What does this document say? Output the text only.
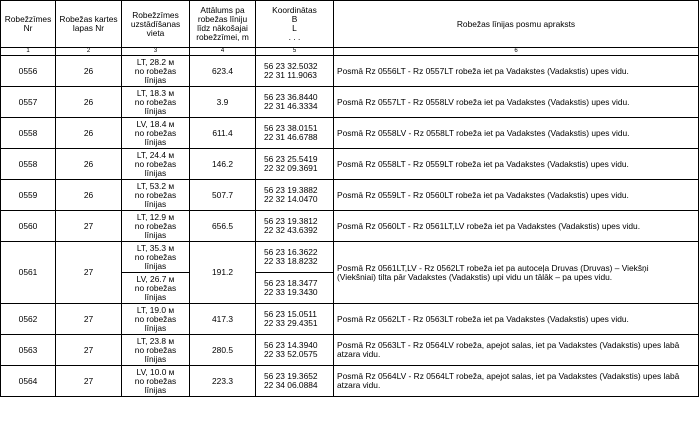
Robežzīmes Nr	Robežas kartes lapas Nr	Robežzīmes uzstādīšanas vieta	Attālums pa robežas līniju līdz nākošajai robežzīmei, m	Koordinātas
B
L
. . .	Robežas līnijas posmu apraksts
1	2	3	4	5	6
0556	26	LT, 28.2 м
no robežas
līnijas	623.4	56 23 32.5032
22 31 11.9063	Posmā Rz 0556LT - Rz 0557LT robeža iet pa Vadakstes (Vadakstis) upes vidu.
0557	26	LT, 18.3 м
no robežas
līnijas	3.9	56 23 36.8440
22 31 46.3334	Posmā Rz 0557LT - Rz 0558LV robeža iet pa Vadakstes (Vadakstis) upes vidu.
0558	26	LV, 18.4 м
no robežas
līnijas	611.4	56 23 38.0151
22 31 46.6788	Posmā Rz 0558LV - Rz 0558LT robeža iet pa Vadakstes (Vadakstis) upes vidu.
0558	26	LT, 24.4 м
no robežas
līnijas	146.2	56 23 25.5419
22 32 09.3691	Posmā Rz 0558LT - Rz 0559LT robeža iet pa Vadakstes (Vadakstis) upes vidu.
0559	26	LT, 53.2 м
no robežas
līnijas	507.7	56 23 19.3882
22 32 14.0470	Posmā Rz 0559LT - Rz 0560LT robeža iet pa Vadakstes (Vadakstis) upes vidu.
0560	27	LT, 12.9 м
no robežas
līnijas	656.5	56 23 19.3812
22 32 43.6392	Posmā Rz 0560LT - Rz 0561LT,LV robeža iet pa Vadakstes (Vadakstis) upes vidu.
0561	27	LT, 35.3 м
no robežas
līnijas	191.2	56 23 16.3622
22 33 18.8232	Posmā Rz 0561LT,LV - Rz 0562LT robeža iet pa autoceļa Druvas (Druvas) – Viekšņi
(Viekšniai) tilta pār Vadakstes (Vadakstis) upi vidu un tālāk – pa upes vidu.

		LV, 26.7 м
no robežas
līnijas		56 23 18.3477
22 33 19.3430	

0562	27	LT, 19.0 м
no robežas
līnijas	417.3	56 23 15.0511
22 33 29.4351	Posmā Rz 0562LT - Rz 0563LT robeža iet pa Vadakstes (Vadakstis) upes vidu.

0563	27	LT, 23.8 м
no robežas
līnijas	280.5	56 23 14.3940
22 33 52.0575	Posmā Rz 0563LT - Rz 0564LV robeža, apejot salas, iet pa Vadakstes (Vadakstis) upes labā
atzara vidu.

0564	27	LV, 10.0 м
no robežas
līnijas	223.3	56 23 19.3652
22 34 06.0884	Posmā Rz 0564LV - Rz 0564LT robeža, apejot salas, iet pa Vadakstes (Vadakstis) upes labā
atzara vidu.
